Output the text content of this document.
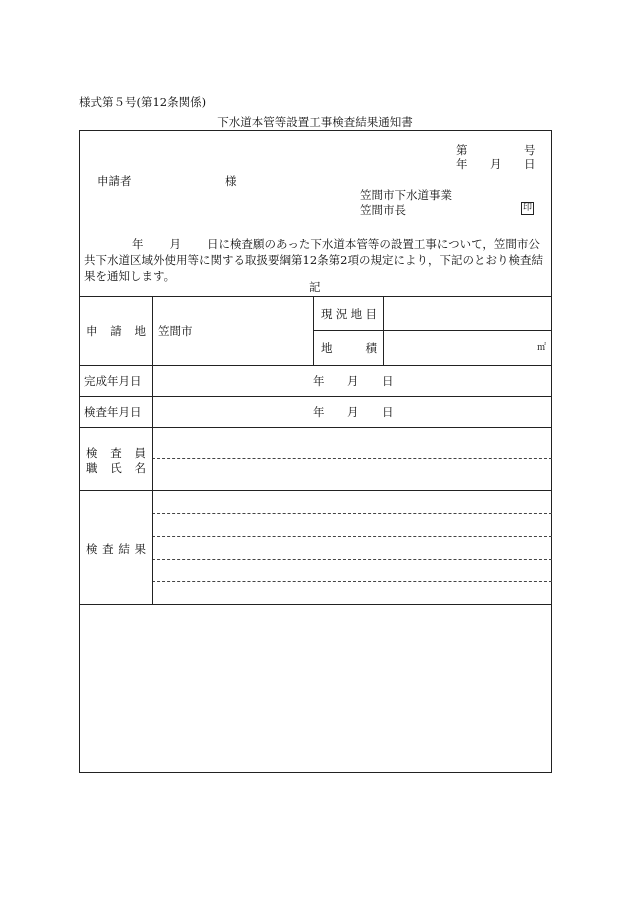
様式第５号(第12条関係)
下水道本管等設置工事検査結果通知書
第	号
年 月 日
申請者	様
笠間市下水道事業
笠間市長	印
年 月 日に検査願のあった下水道本管等の設置工事について，笠間市公共下水道区域外使用等に関する取扱要綱第12条第2項の規定により，下記のとおり検査結果を通知します。
記
申 請 地 笠間市
現 況 地 目
地	積	㎡
完成年月日	年 月 日
検査年月日	年 月 日
検 査 員
職 氏 名
検 査 結 果
